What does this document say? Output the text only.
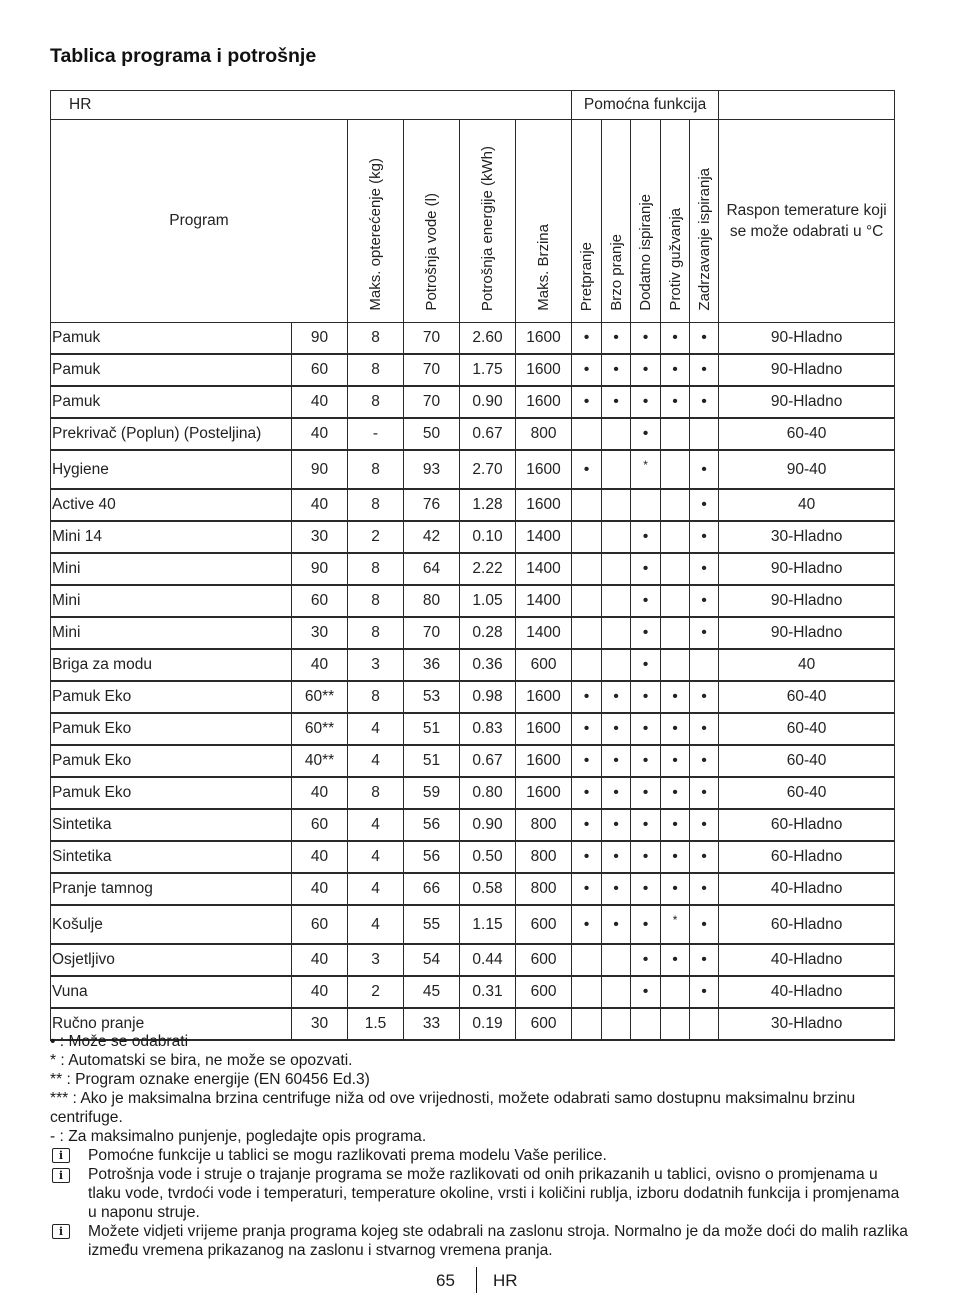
Tablica programa i potrošnje
HR						Pomoćna funkcija					
Program		Maks. opterećenje (kg)	Potrošnja vode (l)	Potrošnja energije (kWh)	Maks. Brzina	Pretpranje	Brzo pranje	Dodatno ispiranje	Protiv gužvanja	Zadrzavanje ispiranja	Raspon temerature koji se može odabrati u °C

Pamuk	90	8	70	2.60	1600	•	•	•	•	•	90-Hladno
Pamuk	60	8	70	1.75	1600	•	•	•	•	•	90-Hladno
Pamuk	40	8	70	0.90	1600	•	•	•	•	•	90-Hladno
Prekrivač (Poplun) (Posteljina)	40	-	50	0.67	800			•			60-40
Hygiene	90	8	93	2.70	1600	•		*		•	90-40
Active 40	40	8	76	1.28	1600					•	40
Mini 14	30	2	42	0.10	1400			•		•	30-Hladno
Mini	90	8	64	2.22	1400			•		•	90-Hladno
Mini	60	8	80	1.05	1400			•		•	90-Hladno
Mini	30	8	70	0.28	1400			•		•	90-Hladno
Briga za modu	40	3	36	0.36	600			•			40
Pamuk Eko	60**	8	53	0.98	1600	•	•	•	•	•	60-40
Pamuk Eko	60**	4	51	0.83	1600	•	•	•	•	•	60-40
Pamuk Eko	40**	4	51	0.67	1600	•	•	•	•	•	60-40
Pamuk Eko	40	8	59	0.80	1600	•	•	•	•	•	60-40
Sintetika	60	4	56	0.90	800	•	•	•	•	•	60-Hladno
Sintetika	40	4	56	0.50	800	•	•	•	•	•	60-Hladno
Pranje tamnog	40	4	66	0.58	800	•	•	•	•	•	40-Hladno
Košulje	60	4	55	1.15	600	•	•	•	*	•	60-Hladno
Osjetljivo	40	3	54	0.44	600			•	•	•	40-Hladno
Vuna	40	2	45	0.31	600			•		•	40-Hladno
Ručno pranje	30	1.5	33	0.19	600						30-Hladno

• : Može se odabrati

* : Automatski se bira, ne može se opozvati.

** : Program oznake energije (EN 60456 Ed.3)

*** : Ako je maksimalna brzina centrifuge niža od ove vrijednosti, možete odabrati samo dostupnu maksimalnu brzinu centrifuge.

- : Za maksimalno punjenje, pogledajte opis programa.

i
i

Pomoćne funkcije u tablici se mogu razlikovati prema modelu Vaše perilice.

Potrošnja vode i struje o trajanje programa se može razlikovati od onih prikazanih u tablici, ovisno o promjenama u tlaku vode, tvrdoći vode i temperaturi, temperature okoline, vrsti i količini rublja, izboru dodatnih funkcija i promjenama u naponu struje.

i Možete vidjeti vrijeme pranja programa kojeg ste odabrali na zaslonu stroja. Normalno je da može doći do malih razlika između vremena prikazanog na zaslonu i stvarnog vremena pranja.

65 HR
